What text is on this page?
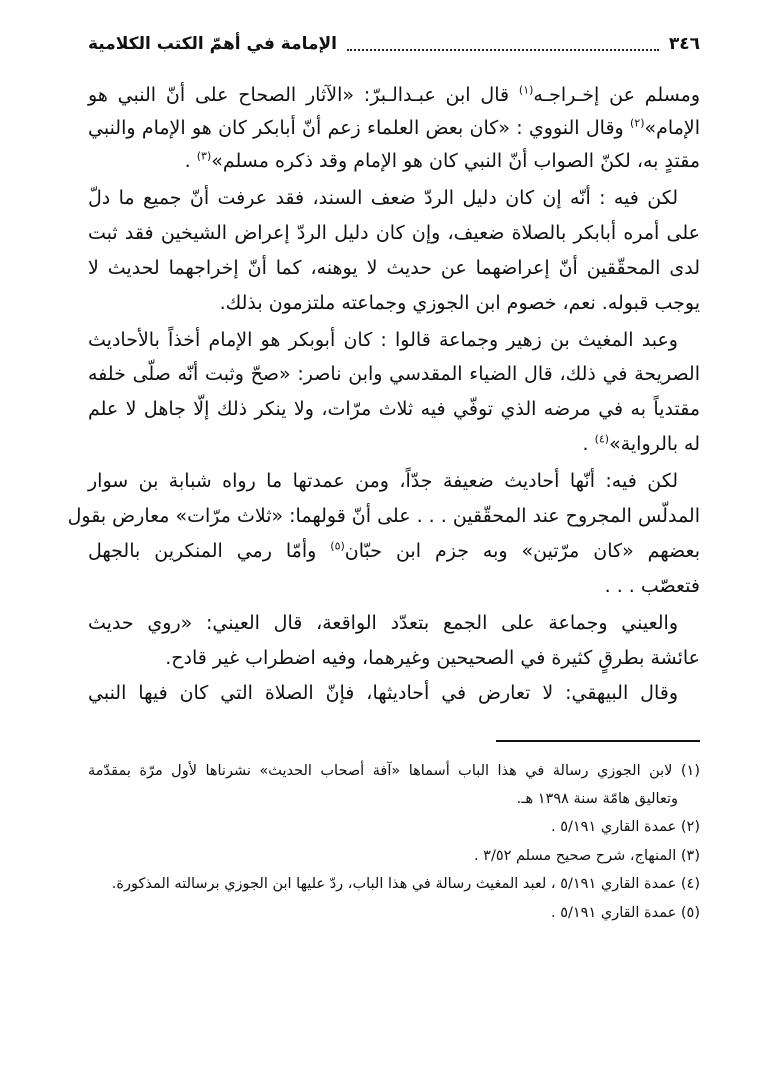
٣٤٦
الإمامة في أهمّ الكتب الكلامية
ومسلم عن إخـراجـه$^{(١)}$ قال ابن عبـدالـبرّ: «الآثار الصحاح على أنّ النبي هو
الإمام»$^{(٢)}$ وقال النووي : «كان بعض العلماء زعم أنّ أبابكر كان هو الإمام والنبي
مقتدٍ به، لكنّ الصواب أنّ النبي كان هو الإمام وقد ذكره مسلم»$^{(٣)}$ .
لكن فيه : أنّه إن كان دليل الردّ ضعف السند، فقد عرفت أنّ جميع ما دلّ
على أمره أبابكر بالصلاة ضعيف، وإن كان دليل الردّ إعراض الشيخين فقد ثبت
لدى المحقّقين أنّ إعراضهما عن حديث لا يوهنه، كما أنّ إخراجهما لحديث لا
يوجب قبوله. نعم، خصوم ابن الجوزي وجماعته ملتزمون بذلك.
وعبد المغيث بن زهير وجماعة قالوا : كان أبوبكر هو الإمام أخذاً بالأحاديث
الصريحة في ذلك، قال الضياء المقدسي وابن ناصر: «صحّ وثبت أنّه صلّى خلفه
مقتدياً به في مرضه الذي توفّي فيه ثلاث مرّات، ولا ينكر ذلك إلّا جاهل لا علم
له بالرواية»$^{(٤)}$ .
لكن فيه: أنّها أحاديث ضعيفة جدّاً، ومن عمدتها ما رواه شبابة بن سوار
المدلّس المجروح عند المحقّقين . . . على أنّ قولهما: «ثلاث مرّات» معارض بقول
بعضهم «كان مرّتين» وبه جزم ابن حبّان$^{(٥)}$ وأمّا رمي المنكرين بالجهل
فتعصّب . . .
والعيني وجماعة على الجمع بتعدّد الواقعة، قال العيني: «روي حديث
عائشة بطرقٍ كثيرة في الصحيحين وغيرهما، وفيه اضطراب غير قادح.
وقال البيهقي: لا تعارض في أحاديثها، فإنّ الصلاة التي كان فيها النبي
(١) لابن الجوزي رسالة في هذا الباب أسماها «آفة أصحاب الحديث» نشرناها لأول مرّة بمقدّمة
وتعاليق هامّة سنة ١٣٩٨ هـ.
(٢) عمدة القاري ٥/١٩١ .
(٣) المنهاج، شرح صحيح مسلم ٣/٥٢ .
(٤) عمدة القاري ٥/١٩١ ، لعبد المغيث رسالة في هذا الباب، ردّ عليها ابن الجوزي برسالته المذكورة.
(٥) عمدة القاري ٥/١٩١ .
